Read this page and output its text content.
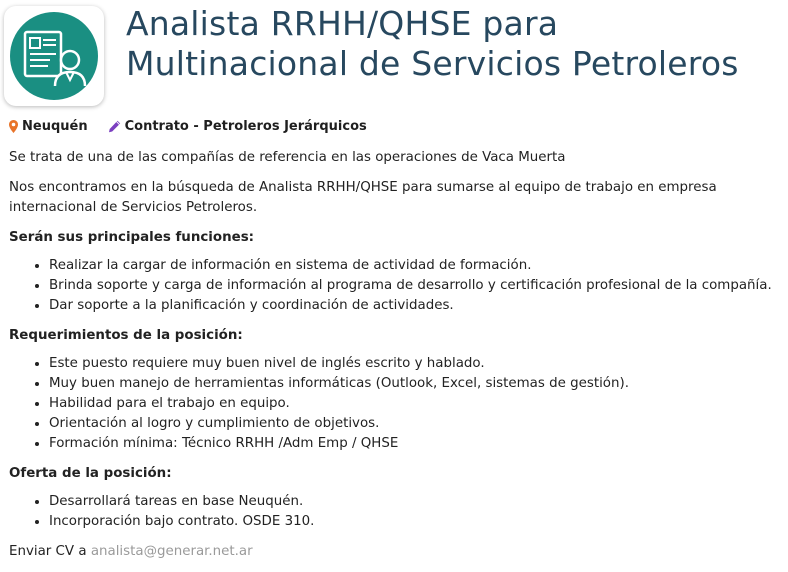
Analista RRHH/QHSE para
Multinacional de Servicios Petroleros
Neuquén	Contrato - Petroleros Jerárquicos

Se trata de una de las compañías de referencia en las operaciones de Vaca Muerta

Nos encontramos en la búsqueda de Analista RRHH/QHSE para sumarse al equipo de trabajo en empresa internacional de Servicios Petroleros.

Serán sus principales funciones:
• Realizar la cargar de información en sistema de actividad de formación.
• Brinda soporte y carga de información al programa de desarrollo y certificación profesional de la compañía.
• Dar soporte a la planificación y coordinación de actividades.
Requerimientos de la posición:
• Este puesto requiere muy buen nivel de inglés escrito y hablado.
• Muy buen manejo de herramientas informáticas (Outlook, Excel, sistemas de gestión).
• Habilidad para el trabajo en equipo.
• Orientación al logro y cumplimiento de objetivos.
• Formación mínima: Técnico RRHH /Adm Emp / QHSE
Oferta de la posición:
• Desarrollará tareas en base Neuquén.
• Incorporación bajo contrato. OSDE 310.

Enviar CV a analista@generar.net.ar
